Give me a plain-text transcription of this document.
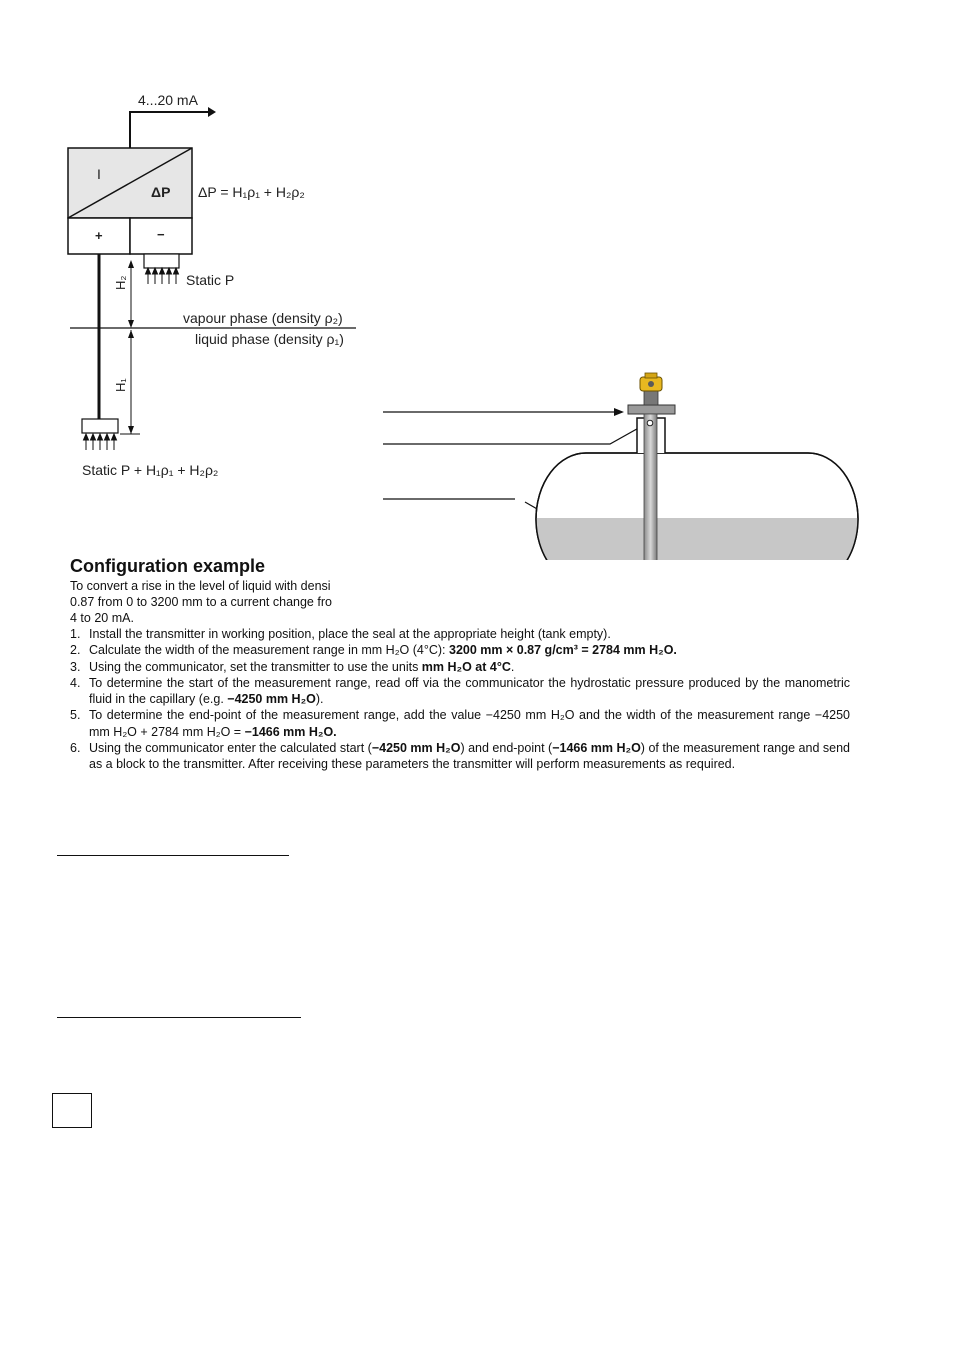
4...20 mA
I
ΔP ΔP = H₁ρ₁ + H₂ρ₂
+	−
Static P
H₂
H₁
vapour phase (density ρ₂)
liquid phase (density ρ₁)
Static P + H₁ρ₁ + H₂ρ₂
Configuration example
To convert a rise in the level of liquid with densi
0.87 from 0 to 3200 mm to a current change fro
4 to 20 mA.
1. Install the transmitter in working position, place the seal at the appropriate height (tank empty).
2. Calculate the width of the measurement range in mm H₂O (4°C): 3200 mm × 0.87 g/cm³ = 2784 mm H₂O.
3. Using the communicator, set the transmitter to use the units mm H₂O at 4°C.
4. To determine the start of the measurement range, read off via the communicator the hydrostatic pressure produced by the manometric fluid in the capillary (e.g. −4250 mm H₂O).
5. To determine the end-point of the measurement range, add the value −4250 mm H₂O and the width of the measurement range −4250 mm H₂O + 2784 mm H₂O = −1466 mm H₂O.
6. Using the communicator enter the calculated start (−4250 mm H₂O) and end-point (−1466 mm H₂O) of the measurement range and send as a block to the transmitter. After receiving these parameters the transmitter will perform measurements as required.
